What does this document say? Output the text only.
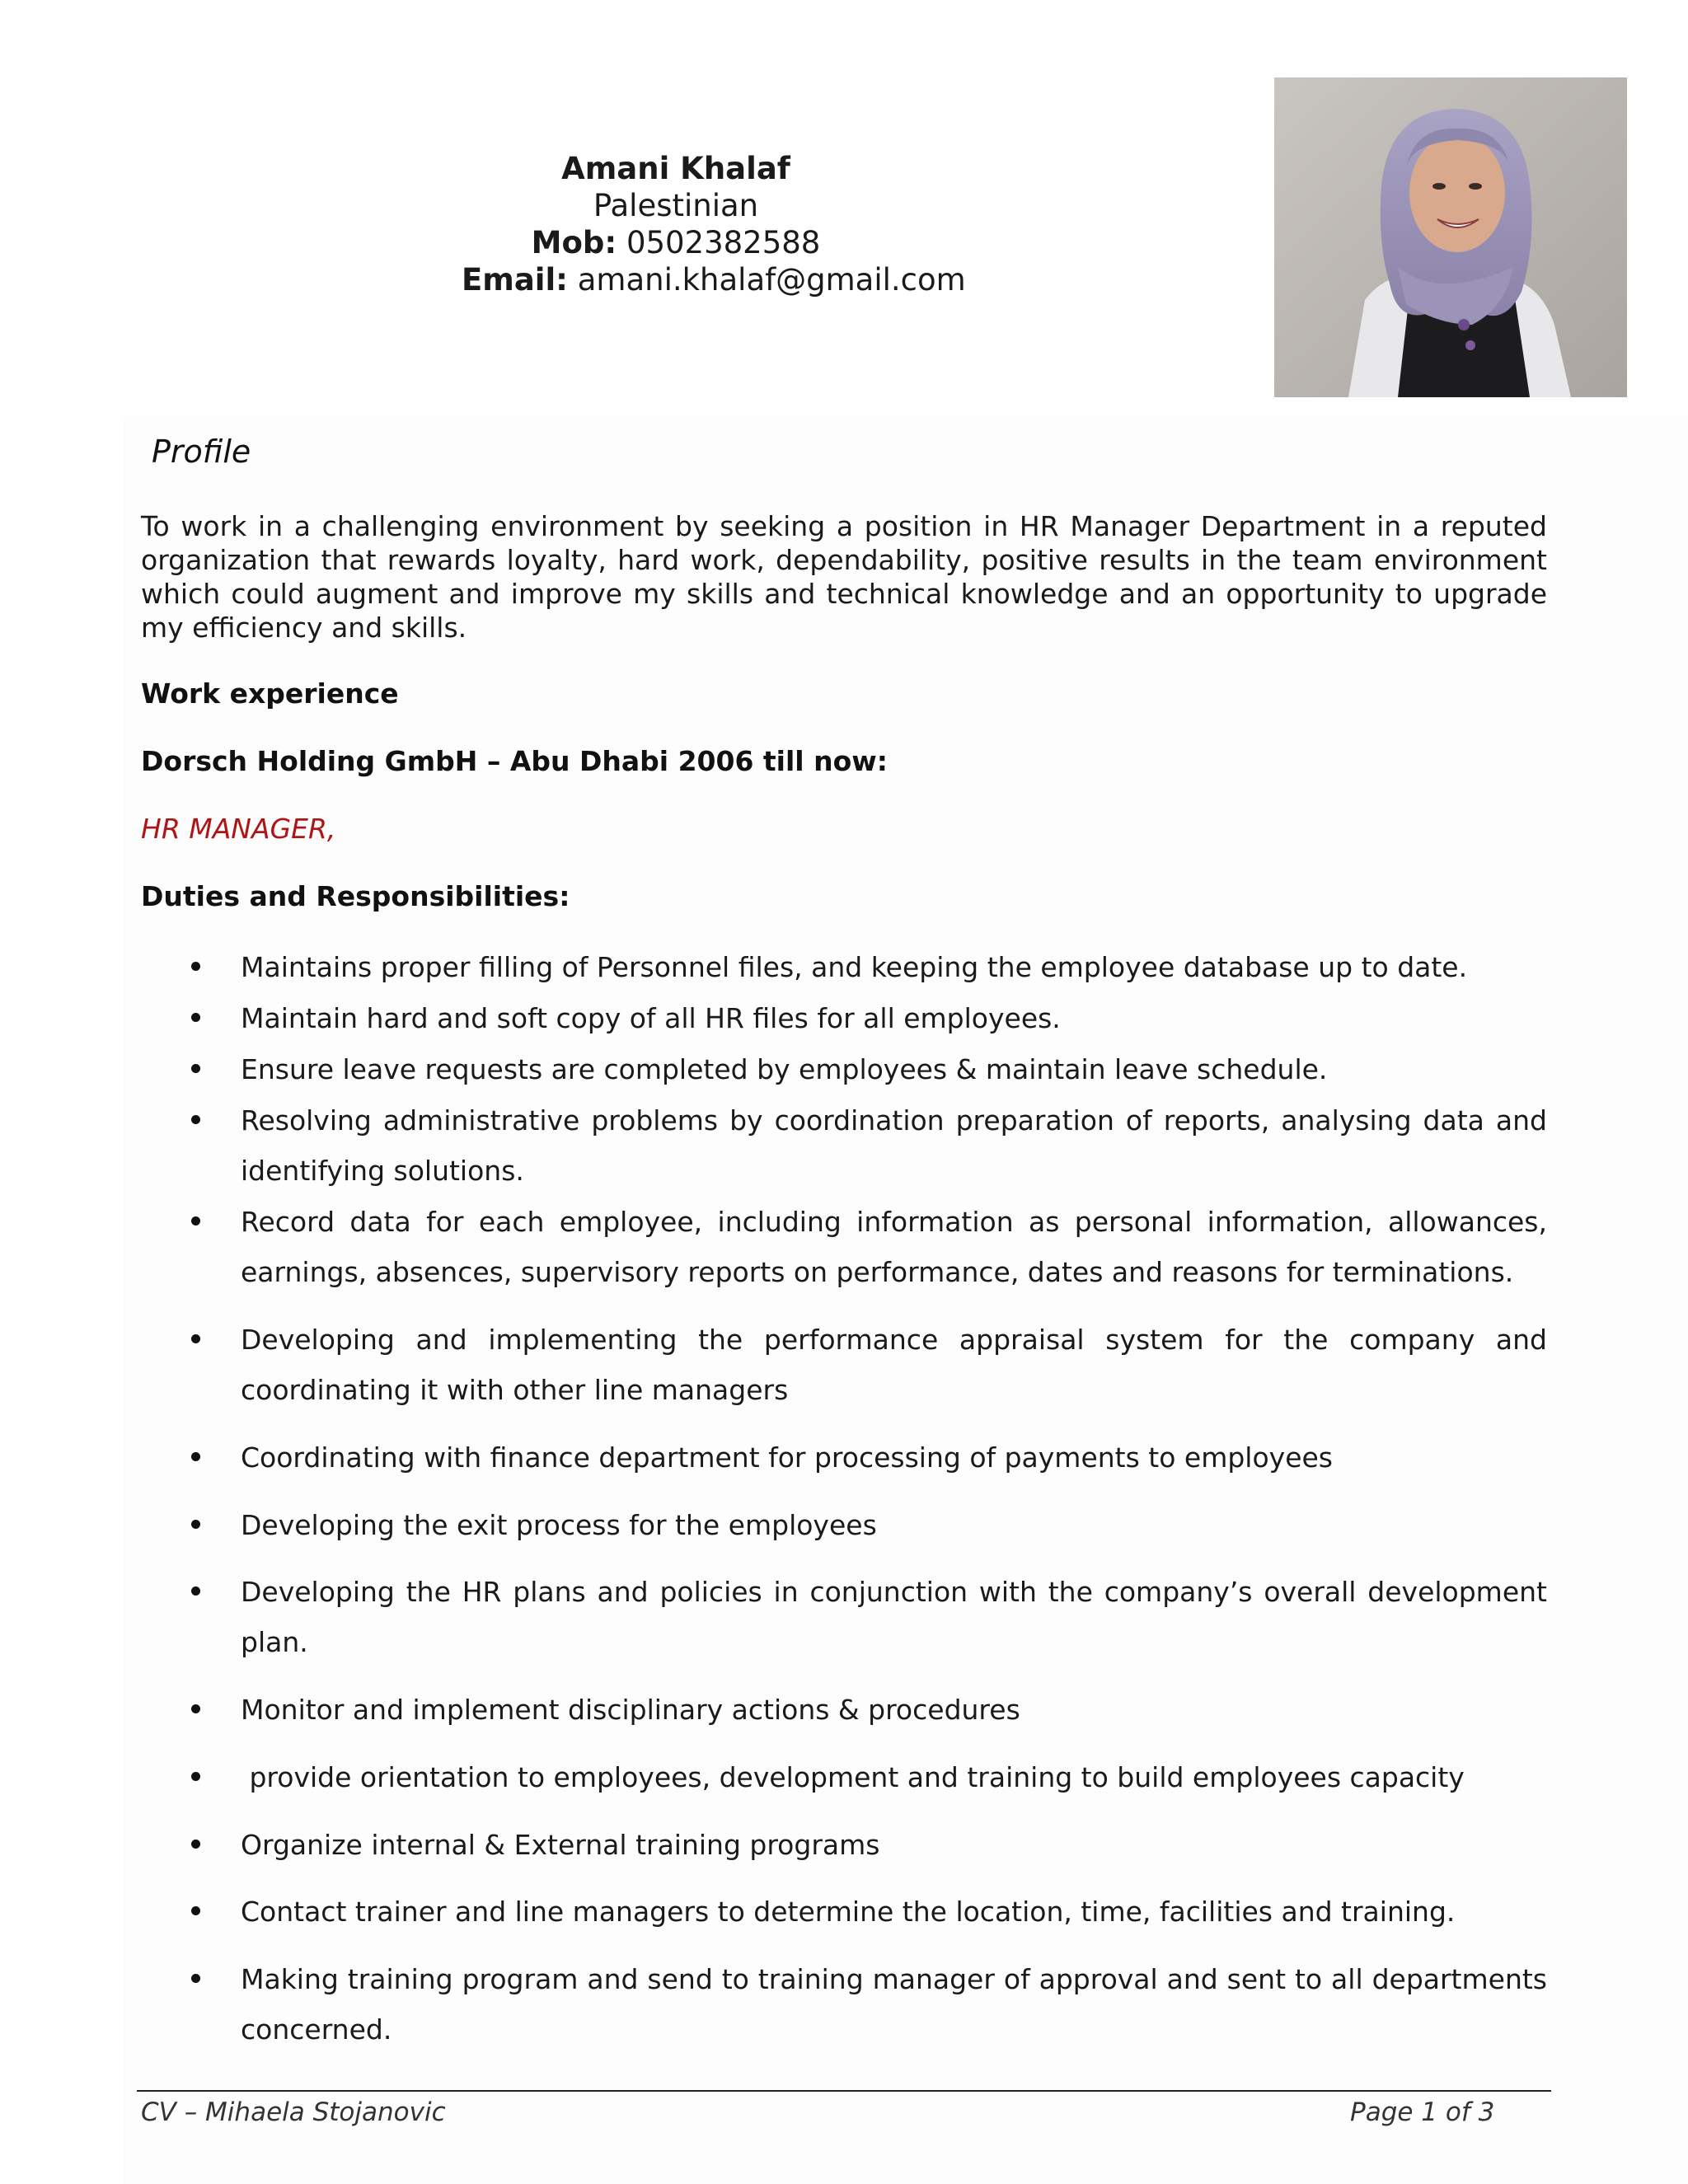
Amani Khalaf
Palestinian
Mob: 0502382588
Email: amani.khalaf@gmail.com
Profile
To work in a challenging environment by seeking a position in HR Manager Department in a reputed organization that rewards loyalty, hard work, dependability, positive results in the team environment which could augment and improve my skills and technical knowledge and an opportunity to upgrade my efficiency and skills.
Work experience
Dorsch Holding GmbH – Abu Dhabi 2006 till now:
HR MANAGER,
Duties and Responsibilities:
Maintains proper filling of Personnel files, and keeping the employee database up to date.
Maintain hard and soft copy of all HR files for all employees.
Ensure leave requests are completed by employees & maintain leave schedule.
Resolving administrative problems by coordination preparation of reports, analysing data and identifying solutions.
Record data for each employee, including information as personal information, allowances, earnings, absences, supervisory reports on performance, dates and reasons for terminations.
Developing and implementing the performance appraisal system for the company and coordinating it with other line managers
Coordinating with finance department for processing of payments to employees
Developing the exit process for the employees
Developing the HR plans and policies in conjunction with the company’s overall development plan.
Monitor and implement disciplinary actions & procedures
provide orientation to employees, development and training to build employees capacity
Organize internal & External training programs
Contact trainer and line managers to determine the location, time, facilities and training.
Making training program and send to training manager of approval and sent to all departments concerned.
CV – Mihaela Stojanovic	Page 1 of 3
